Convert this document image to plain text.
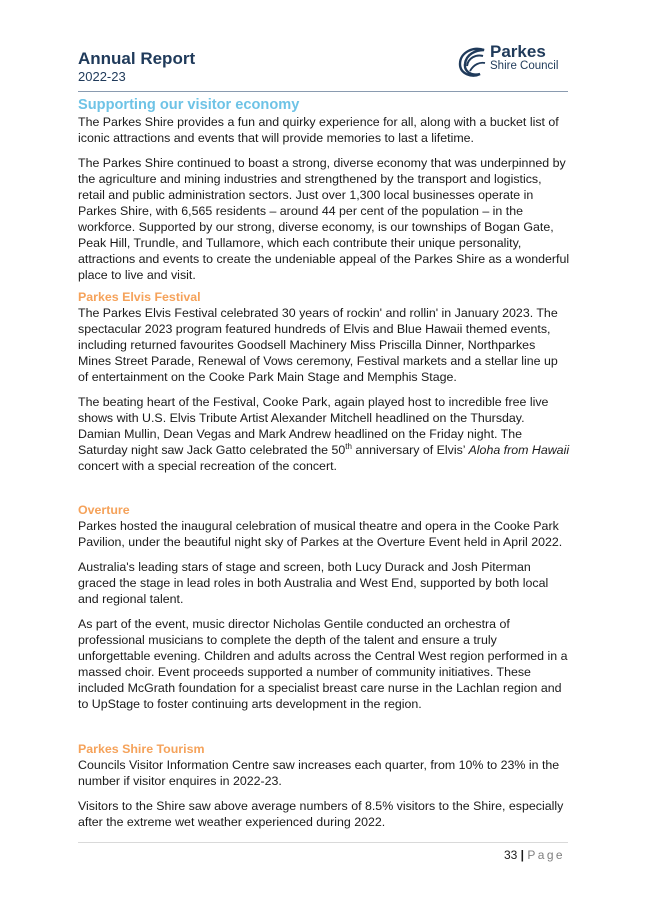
Annual Report
2022-23
Parkes
Shire Council
Supporting our visitor economy

The Parkes Shire provides a fun and quirky experience for all, along with a bucket list of iconic attractions and events that will provide memories to last a lifetime.

The Parkes Shire continued to boast a strong, diverse economy that was underpinned by the agriculture and mining industries and strengthened by the transport and logistics, retail and public administration sectors. Just over 1,300 local businesses operate in Parkes Shire, with 6,565 residents – around 44 per cent of the population – in the workforce. Supported by our strong, diverse economy, is our townships of Bogan Gate, Peak Hill, Trundle, and Tullamore, which each contribute their unique personality, attractions and events to create the undeniable appeal of the Parkes Shire as a wonderful place to live and visit.

Parkes Elvis Festival

The Parkes Elvis Festival celebrated 30 years of rockin' and rollin' in January 2023. The spectacular 2023 program featured hundreds of Elvis and Blue Hawaii themed events, including returned favourites Goodsell Machinery Miss Priscilla Dinner, Northparkes Mines Street Parade, Renewal of Vows ceremony, Festival markets and a stellar line up of entertainment on the Cooke Park Main Stage and Memphis Stage.

The beating heart of the Festival, Cooke Park, again played host to incredible free live shows with U.S. Elvis Tribute Artist Alexander Mitchell headlined on the Thursday. Damian Mullin, Dean Vegas and Mark Andrew headlined on the Friday night. The Saturday night saw Jack Gatto celebrated the 50th anniversary of Elvis’ Aloha from Hawaii concert with a special recreation of the concert.

Overture

Parkes hosted the inaugural celebration of musical theatre and opera in the Cooke Park Pavilion, under the beautiful night sky of Parkes at the Overture Event held in April 2022.

Australia's leading stars of stage and screen, both Lucy Durack and Josh Piterman graced the stage in lead roles in both Australia and West End, supported by both local and regional talent.

As part of the event, music director Nicholas Gentile conducted an orchestra of professional musicians to complete the depth of the talent and ensure a truly unforgettable evening. Children and adults across the Central West region performed in a massed choir. Event proceeds supported a number of community initiatives. These included McGrath foundation for a specialist breast care nurse in the Lachlan region and to UpStage to foster continuing arts development in the region.

Parkes Shire Tourism

Councils Visitor Information Centre saw increases each quarter, from 10% to 23% in the number if visitor enquires in 2022-23.

Visitors to the Shire saw above average numbers of 8.5% visitors to the Shire, especially after the extreme wet weather experienced during 2022.

33 | Page
